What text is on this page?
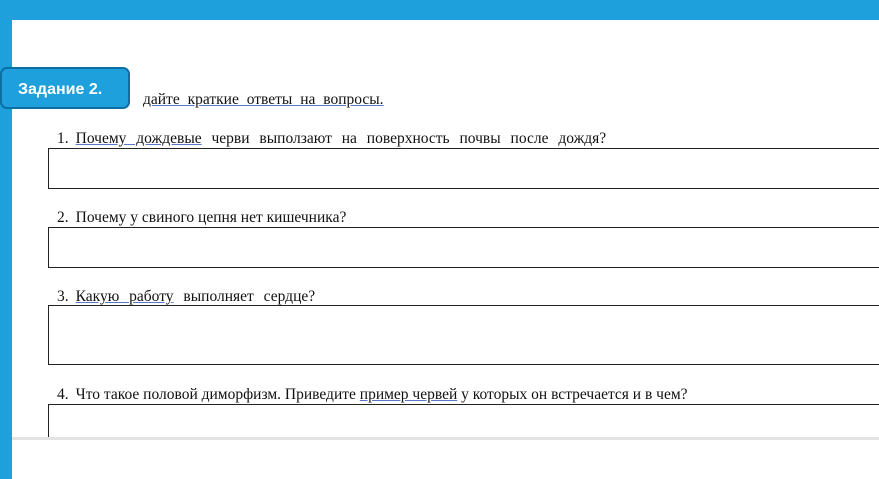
Задание 2.
дайте краткие ответы на вопросы.
1. Почему дождевые черви выползают на поверхность почвы после дождя?
2. Почему у свиного цепня нет кишечника?
3. Какую работу выполняет сердце?
4. Что такое половой диморфизм. Приведите пример червей у которых он встречается и в чем?
